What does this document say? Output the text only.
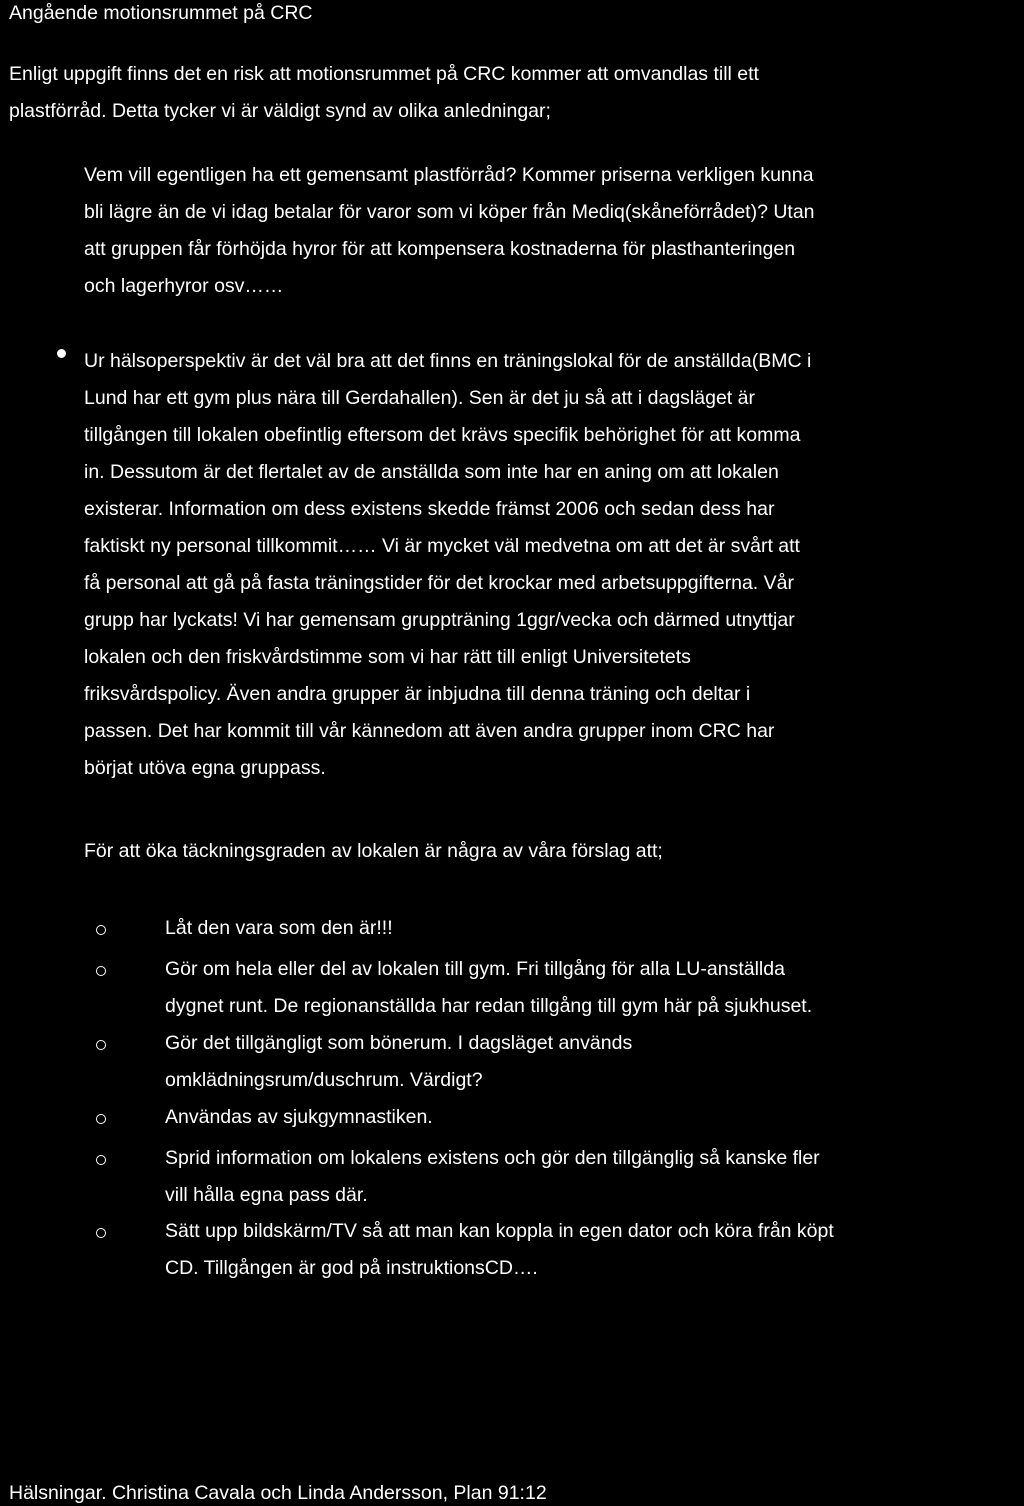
Angående motionsrummet på CRC
Enligt uppgift finns det en risk att motionsrummet på CRC kommer att omvandlas till ett
plastförråd. Detta tycker vi är väldigt synd av olika anledningar;
Vem vill egentligen ha ett gemensamt plastförråd? Kommer priserna verkligen kunna
bli lägre än de vi idag betalar för varor som vi köper från Mediq(skåneförrådet)? Utan
att gruppen får förhöjda hyror för att kompensera kostnaderna för plasthanteringen
och lagerhyror osv……
Ur hälsoperspektiv är det väl bra att det finns en träningslokal för de anställda(BMC i
Lund har ett gym plus nära till Gerdahallen). Sen är det ju så att i dagsläget är
tillgången till lokalen obefintlig eftersom det krävs specifik behörighet för att komma
in. Dessutom är det flertalet av de anställda som inte har en aning om att lokalen
existerar. Information om dess existens skedde främst 2006 och sedan dess har
faktiskt ny personal tillkommit…… Vi är mycket väl medvetna om att det är svårt att
få personal att gå på fasta träningstider för det krockar med arbetsuppgifterna. Vår
grupp har lyckats! Vi har gemensam gruppträning 1ggr/vecka och därmed utnyttjar
lokalen och den friskvårdstimme som vi har rätt till enligt Universitetets
friksvårdspolicy. Även andra grupper är inbjudna till denna träning och deltar i
passen. Det har kommit till vår kännedom att även andra grupper inom CRC har
börjat utöva egna gruppass.
För att öka täckningsgraden av lokalen är några av våra förslag att;
Låt den vara som den är!!!
Gör om hela eller del av lokalen till gym. Fri tillgång för alla LU-anställda
dygnet runt. De regionanställda har redan tillgång till gym här på sjukhuset.
Gör det tillgängligt som bönerum. I dagsläget används
omklädningsrum/duschrum. Värdigt?
Användas av sjukgymnastiken.
Sprid information om lokalens existens och gör den tillgänglig så kanske fler
vill hålla egna pass där.
Sätt upp bildskärm/TV så att man kan koppla in egen dator och köra från köpt
CD. Tillgången är god på instruktionsCD….
Hälsningar. Christina Cavala och Linda Andersson, Plan 91:12
